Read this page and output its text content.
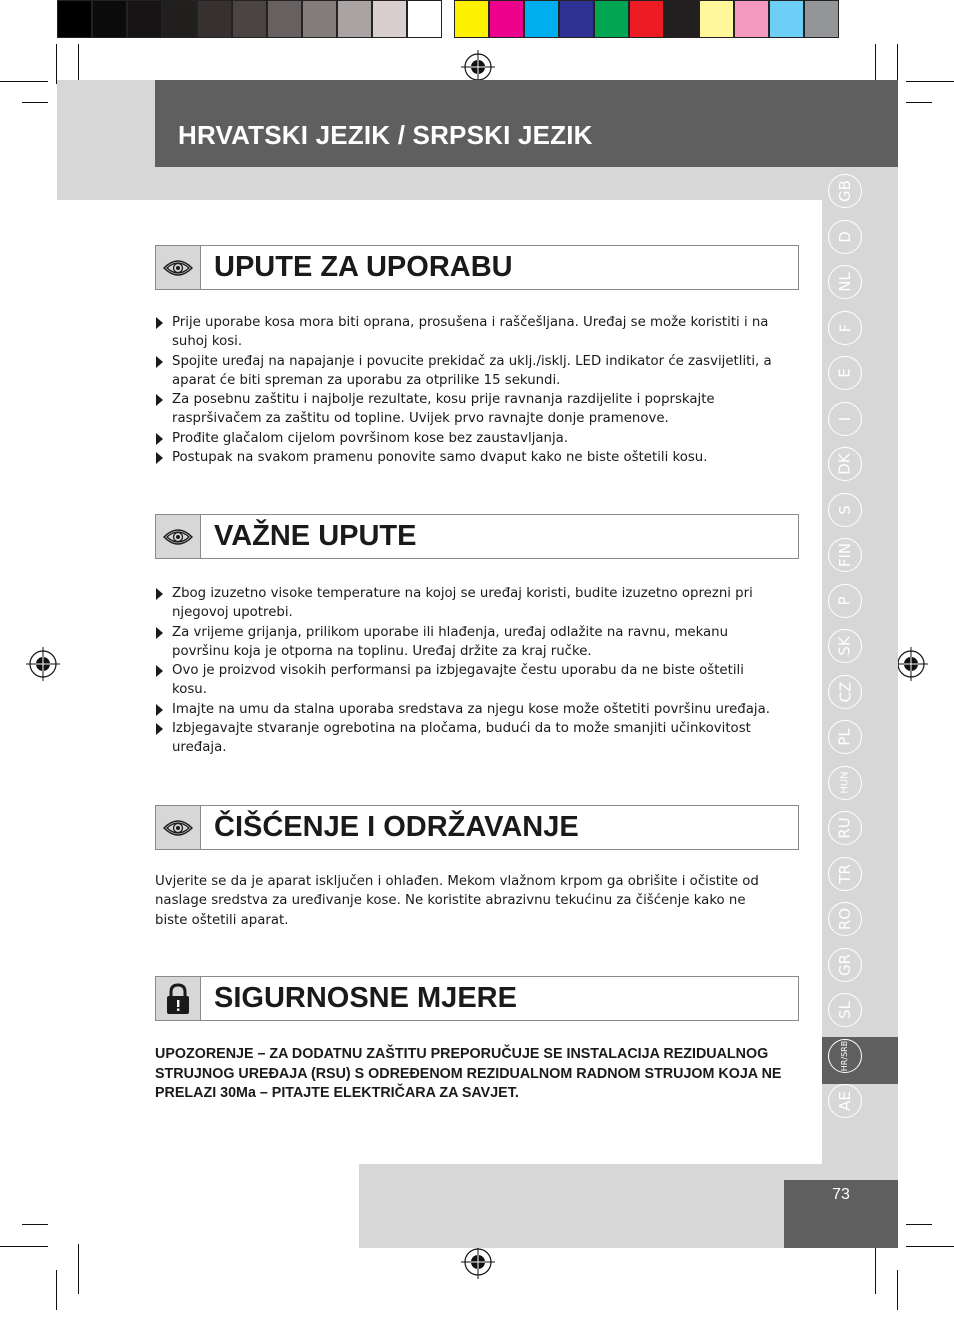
HRVATSKI JEZIK / SRPSKI JEZIK
GB
D
NL
F
E
I
DK
S
FIN
P
SK
CZ
PL
HUN
RU
TR
RO
GR
SL
HR/SRB
AE
UPUTE ZA UPORABU
Prije uporabe kosa mora biti oprana, prosušena i raščešljana. Uređaj se može koristiti i na suhoj kosi.
Spojite uređaj na napajanje i povucite prekidač za uklj./isklj. LED indikator će zasvijetliti, a aparat će biti spreman za uporabu za otprilike 15 sekundi.
Za posebnu zaštitu i najbolje rezultate, kosu prije ravnanja razdijelite i poprskajte raspršivačem za zaštitu od topline. Uvijek prvo ravnajte donje pramenove.
Prođite glačalom cijelom površinom kose bez zaustavljanja.
Postupak na svakom pramenu ponovite samo dvaput kako ne biste oštetili kosu.
VAŽNE UPUTE
Zbog izuzetno visoke temperature na kojoj se uređaj koristi, budite izuzetno oprezni pri njegovoj upotrebi.
Za vrijeme grijanja, prilikom uporabe ili hlađenja, uređaj odlažite na ravnu, mekanu površinu koja je otporna na toplinu. Uređaj držite za kraj ručke.
Ovo je proizvod visokih performansi pa izbjegavajte čestu uporabu da ne biste oštetili kosu.
Imajte na umu da stalna uporaba sredstava za njegu kose može oštetiti površinu uređaja.
Izbjegavajte stvaranje ogrebotina na pločama, budući da to može smanjiti učinkovitost uređaja.
ČIŠĆENJE I ODRŽAVANJE
Uvjerite se da je aparat isključen i ohlađen. Mekom vlažnom krpom ga obrišite i očistite od naslage sredstva za uređivanje kose. Ne koristite abrazivnu tekućinu za čišćenje kako ne biste oštetili aparat.
SIGURNOSNE MJERE
UPOZORENJE – ZA DODATNU ZAŠTITU PREPORUČUJE SE INSTALACIJA REZIDUALNOG STRUJNOG UREĐAJA (RSU) S ODREĐENOM REZIDUALNOM RADNOM STRUJOM KOJA NE PRELAZI 30Ma – PITAJTE ELEKTRIČARA ZA SAVJET.
73
